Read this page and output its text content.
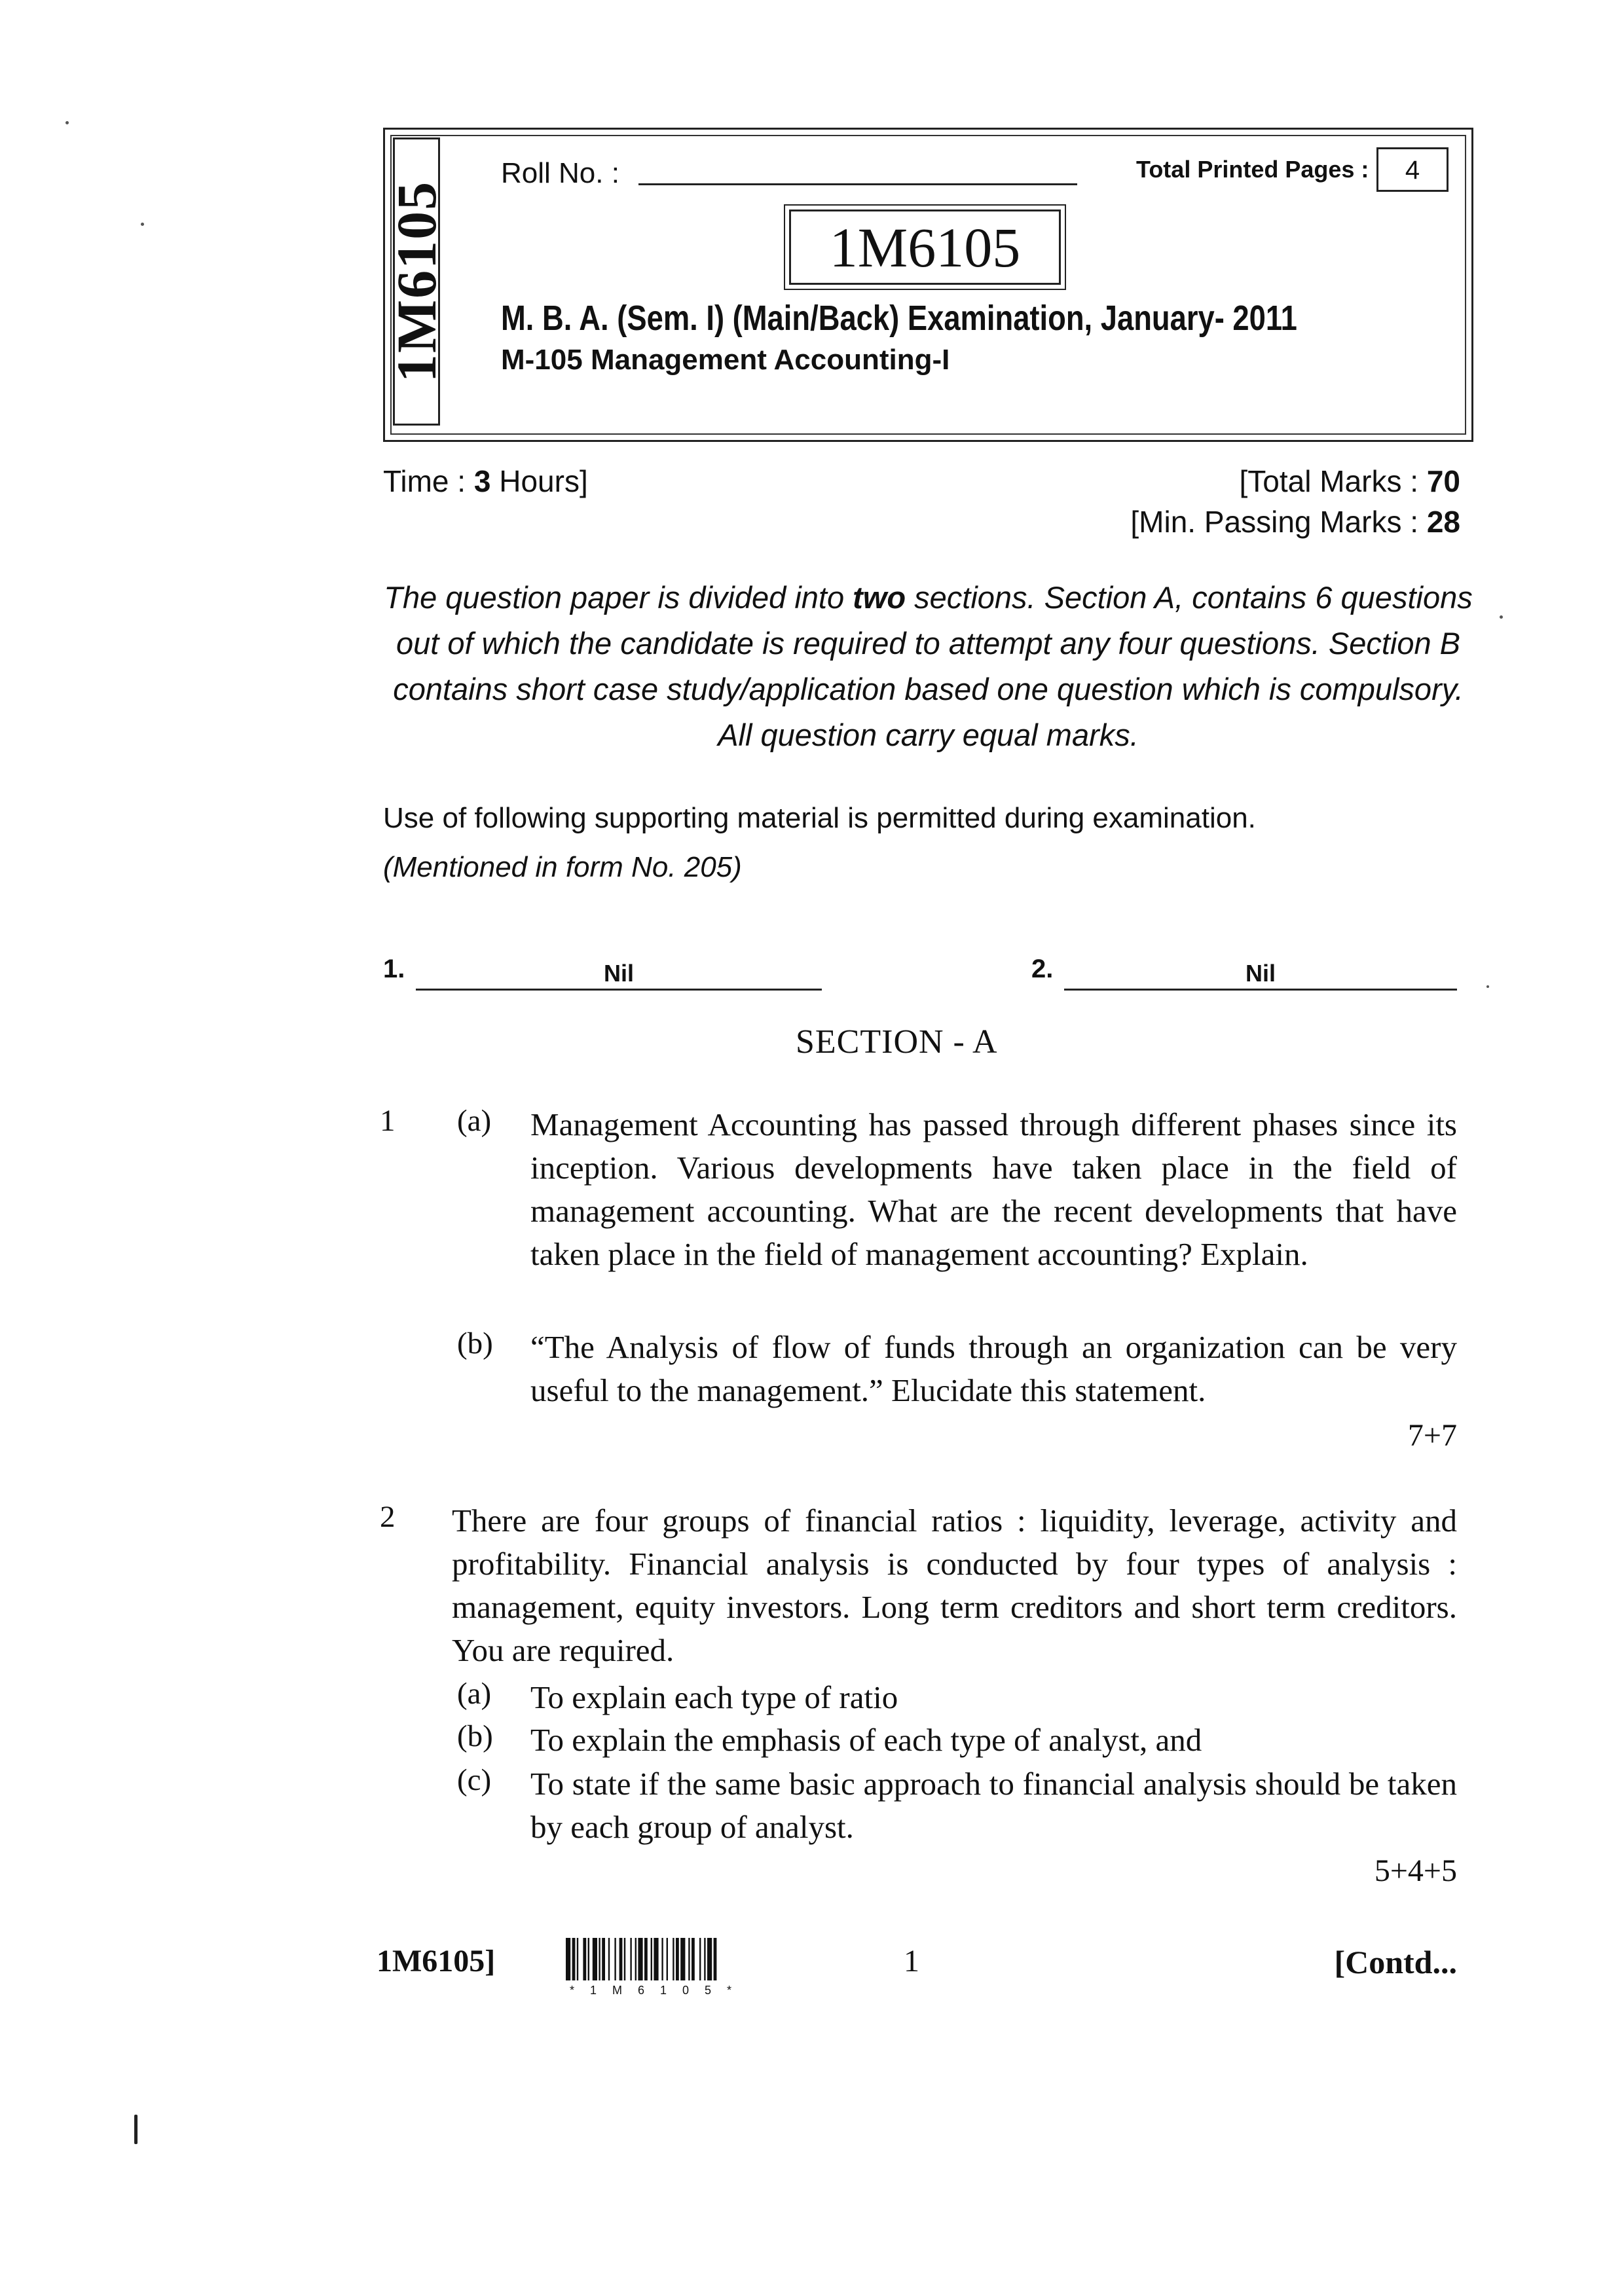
1M6105
Roll No. :	Total Printed Pages :	4
1M6105
M. B. A. (Sem. I) (Main/Back) Examination, January- 2011
M-105 Management Accounting-I
Time : 3 Hours]	[Total Marks : 70
[Min. Passing Marks : 28
The question paper is divided into two sections. Section A, contains 6 questions out of which the candidate is required to attempt any four questions. Section B contains short case study/application based one question which is compulsory. All question carry equal marks.
Use of following supporting material is permitted during examination.
(Mentioned in form No. 205)
1.	Nil	2.	Nil
SECTION - A
1 (a) Management Accounting has passed through different phases since its inception. Various developments have taken place in the field of management accounting. What are the recent developments that have taken place in the field of management accounting? Explain.
(b) “The Analysis of flow of funds through an organization can be very useful to the management.” Elucidate this statement.
7+7
2 There are four groups of financial ratios : liquidity, leverage, activity and profitability. Financial analysis is conducted by four types of analysis : management, equity investors. Long term creditors and short term creditors. You are required.
(a) To explain each type of ratio
(b) To explain the emphasis of each type of analyst, and
(c) To state if the same basic approach to financial analysis should be taken by each group of analyst.
5+4+5
1M6105]
*1M6105*
1	[Contd...
